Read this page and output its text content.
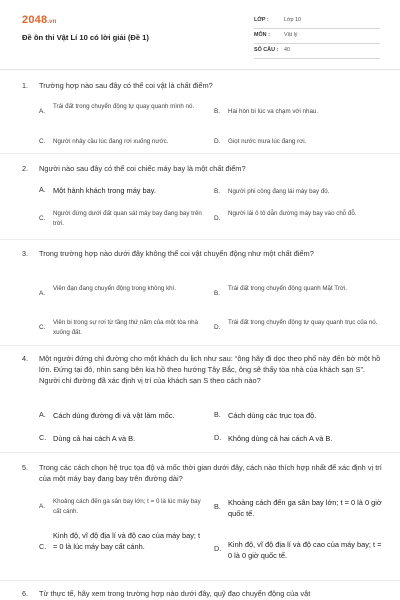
2048.vn
Đề ôn thi Vật Lí 10 có lời giải (Đề 1)
LỚP :	Lớp 10
MÔN :	Vật lý
SỐ CÂU : 40
1. Trường hợp nào sau đây có thể coi vật là chất điểm?
A.
Trái đất trong chuyển động tự quay quanh mình nó.
B. Hai hòn bi lúc va chạm với nhau.
C. Người nhảy cầu lúc đang rơi xuống nước.	D. Giọt nước mưa lúc đang rơi.
2. Người nào sau đây có thể coi chiếc máy bay là một chất điểm?
A. Một hành khách trong máy bay.	B. Người phi công đang lái máy bay đó.
C.
Người đứng dưới đất quan sát máy bay đang bay trên trời.
D.
Người lái ô tô dẫn đường máy bay vào chỗ đỗ.
3. Trong trường hợp nào dưới đây không thể coi vật chuyển động như một chất điểm?
A.
Viên đạn đang chuyển động trong không khí.
B.
Trái đất trong chuyển động quanh Mặt Trời.
C.
Viên bi trong sự rơi từ tầng thứ năm của một tòa nhà xuống đất.
D.
Trái đất trong chuyển động tự quay quanh trục của nó.
4. Một người đứng chỉ đường cho một khách du lịch như sau: “ông hãy đi dọc theo phố này đến bờ một hồ lớn. Đứng tại đó, nhìn sang bên kia hồ theo hướng Tây Bắc, ông sẽ thấy tòa nhà của khách sạn S”. Người chỉ đường đã xác định vị trí của khách sạn S theo cách nào?
A. Cách dùng đường đi và vật làm mốc.	B. Cách dùng các trục tọa độ.
C. Dùng cả hai cách A và B.	D. Không dùng cả hai cách A và B.
5. Trong các cách chọn hệ trục tọa độ và mốc thời gian dưới đây, cách nào thích hợp nhất để xác định vị trí của một máy bay đang bay trên đường dài?
A.
Khoảng cách đến ga sân bay lớn; t = 0 là lúc máy bay cất cánh.
B. Khoảng cách đến ga sân bay lớn; t = 0 là 0 giờ quốc tế.
C.
Kinh độ, vĩ độ địa lí và độ cao của máy bay; t = 0 là lúc máy bay cất cánh.	D. Kinh độ, vĩ độ địa lí và độ cao của máy bay; t = 0 là 0 giờ quốc tế.
6. Từ thực tế, hãy xem trong trường hợp nào dưới đây, quỹ đạo chuyển động của vật
